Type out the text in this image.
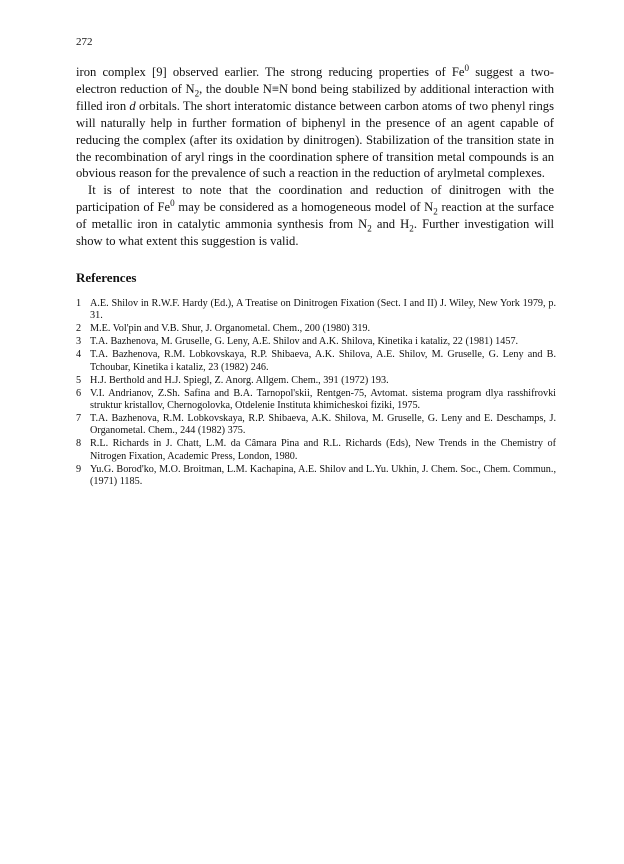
272

iron complex [9] observed earlier. The strong reducing properties of Fe$^0$ suggest a two-electron reduction of $N_2$, the double N≡N bond being stabilized by additional interaction with filled iron d orbitals. The short interatomic distance between carbon atoms of two phenyl rings will naturally help in further formation of biphenyl in the presence of an agent capable of reducing the complex (after its oxidation by dinitrogen). Stabilization of the transition state in the recombination of aryl rings in the coordination sphere of transition metal compounds is an obvious reason for the prevalence of such a reaction in the reduction of arylmetal complexes.

It is of interest to note that the coordination and reduction of dinitrogen with the participation of Fe$^0$ may be considered as a homogeneous model of $N_2$ reaction at the surface of metallic iron in catalytic ammonia synthesis from $N_2$ and $H_2$. Further investigation will show to what extent this suggestion is valid.

References
1 A.E. Shilov in R.W.F. Hardy (Ed.), A Treatise on Dinitrogen Fixation (Sect. I and II) J. Wiley, New York 1979, p. 31.
2 M.E. Vol'pin and V.B. Shur, J. Organometal. Chem., 200 (1980) 319.
3 T.A. Bazhenova, M. Gruselle, G. Leny, A.E. Shilov and A.K. Shilova, Kinetika i kataliz, 22 (1981) 1457.
4 T.A. Bazhenova, R.M. Lobkovskaya, R.P. Shibaeva, A.K. Shilova, A.E. Shilov, M. Gruselle, G. Leny and B. Tchoubar, Kinetika i kataliz, 23 (1982) 246.
5 H.J. Berthold and H.J. Spiegl, Z. Anorg. Allgem. Chem., 391 (1972) 193.
6 V.I. Andrianov, Z.Sh. Safina and B.A. Tarnopol'skii, Rentgen-75, Avtomat. sistema program dlya rasshifrovki struktur kristallov, Chernogolovka, Otdelenie Instituta khimicheskoi fiziki, 1975.
7 T.A. Bazhenova, R.M. Lobkovskaya, R.P. Shibaeva, A.K. Shilova, M. Gruselle, G. Leny and E. Deschamps, J. Organometal. Chem., 244 (1982) 375.
8 R.L. Richards in J. Chatt, L.M. da Câmara Pina and R.L. Richards (Eds), New Trends in the Chemistry of Nitrogen Fixation, Academic Press, London, 1980.
9 Yu.G. Borod'ko, M.O. Broitman, L.M. Kachapina, A.E. Shilov and L.Yu. Ukhin, J. Chem. Soc., Chem. Commun., (1971) 1185.
